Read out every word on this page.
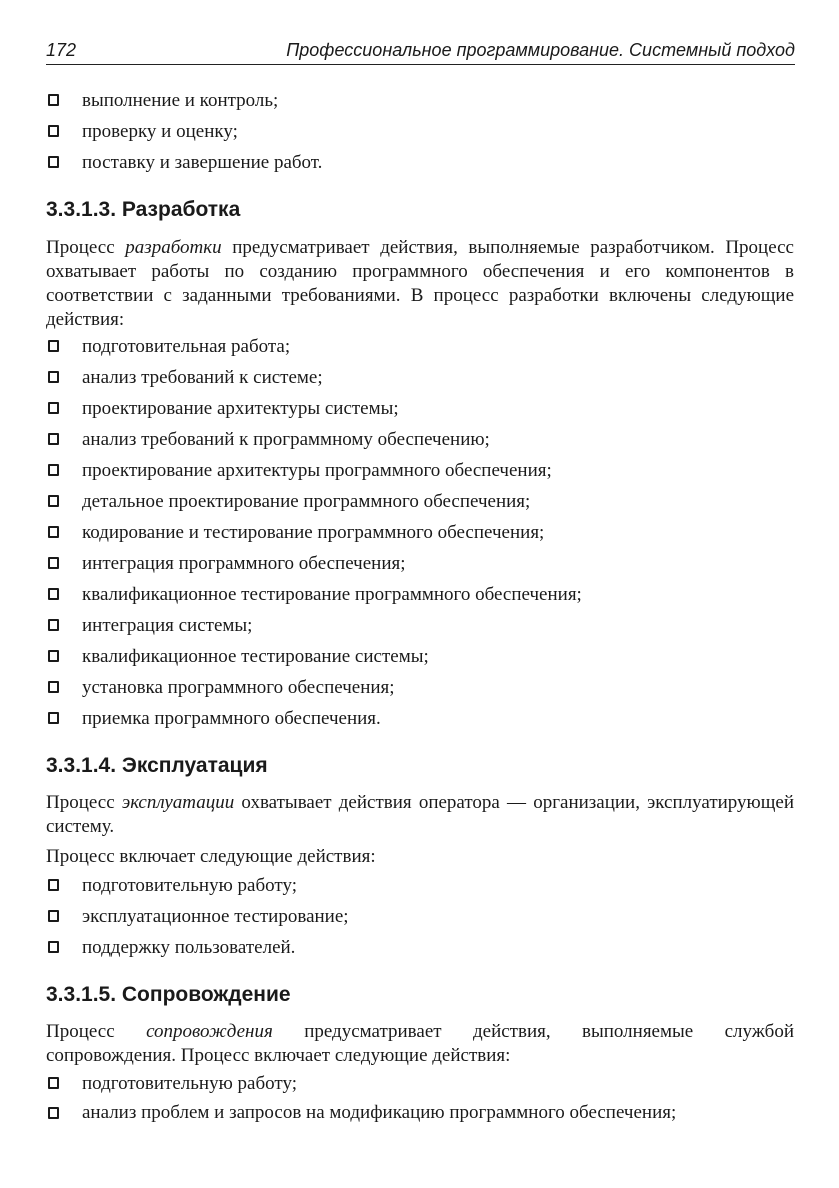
172	Профессиональное программирование. Системный подход
выполнение и контроль;
проверку и оценку;
поставку и завершение работ.
3.3.1.3. Разработка

Процесс разработки предусматривает действия, выполняемые разработчиком. Процесс охватывает работы по созданию программного обеспечения и его компонентов в соответствии с заданными требованиями. В процесс разработки включены следующие действия:

подготовительная работа;
анализ требований к системе;
проектирование архитектуры системы;
анализ требований к программному обеспечению;
проектирование архитектуры программного обеспечения;
детальное проектирование программного обеспечения;
кодирование и тестирование программного обеспечения;
интеграция программного обеспечения;
квалификационное тестирование программного обеспечения;
интеграция системы;
квалификационное тестирование системы;
установка программного обеспечения;
приемка программного обеспечения.
3.3.1.4. Эксплуатация

Процесс эксплуатации охватывает действия оператора — организации, эксплуатирующей систему.

Процесс включает следующие действия:

подготовительную работу;
эксплуатационное тестирование;
поддержку пользователей.
3.3.1.5. Сопровождение

Процесс сопровождения предусматривает действия, выполняемые службой сопровождения. Процесс включает следующие действия:

подготовительную работу;
анализ проблем и запросов на модификацию программного обеспечения;
